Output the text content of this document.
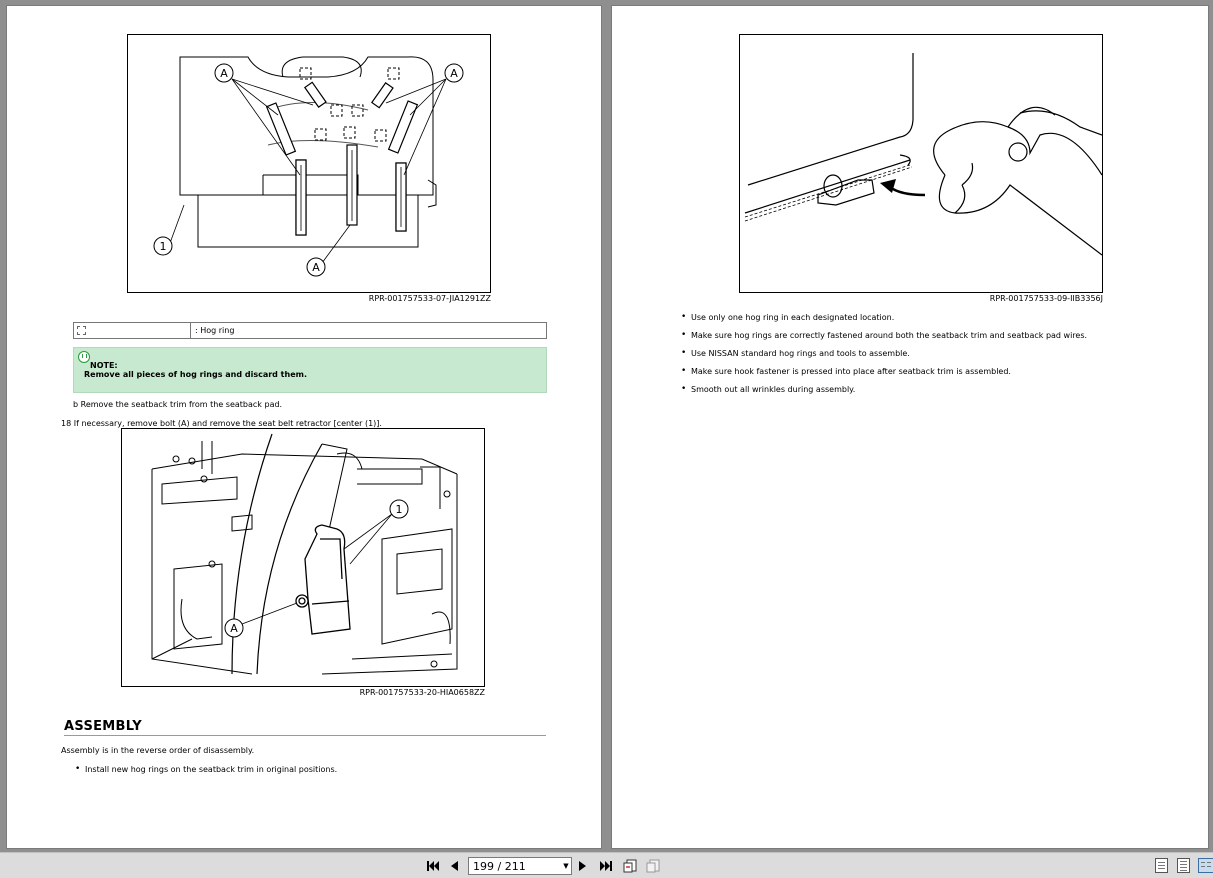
A	A
A
1
RPR-001757533-07-JIA1291ZZ
: Hog ring
NOTE:
Remove all pieces of hog rings and discard them.
b Remove the seatback trim from the seatback pad.
18 If necessary, remove bolt (A) and remove the seat belt retractor [center (1)].
1
A
RPR-001757533-20-HIA0658ZZ
ASSEMBLY
Assembly is in the reverse order of disassembly.
• Install new hog rings on the seatback trim in original positions.
RPR-001757533-09-IIB3356J
• Use only one hog ring in each designated location.
• Make sure hog rings are correctly fastened around both the seatback trim and seatback pad wires.
• Use NISSAN standard hog rings and tools to assemble.
• Make sure hook fastener is pressed into place after seatback trim is assembled.
• Smooth out all wrinkles during assembly.
199 / 211	▼
